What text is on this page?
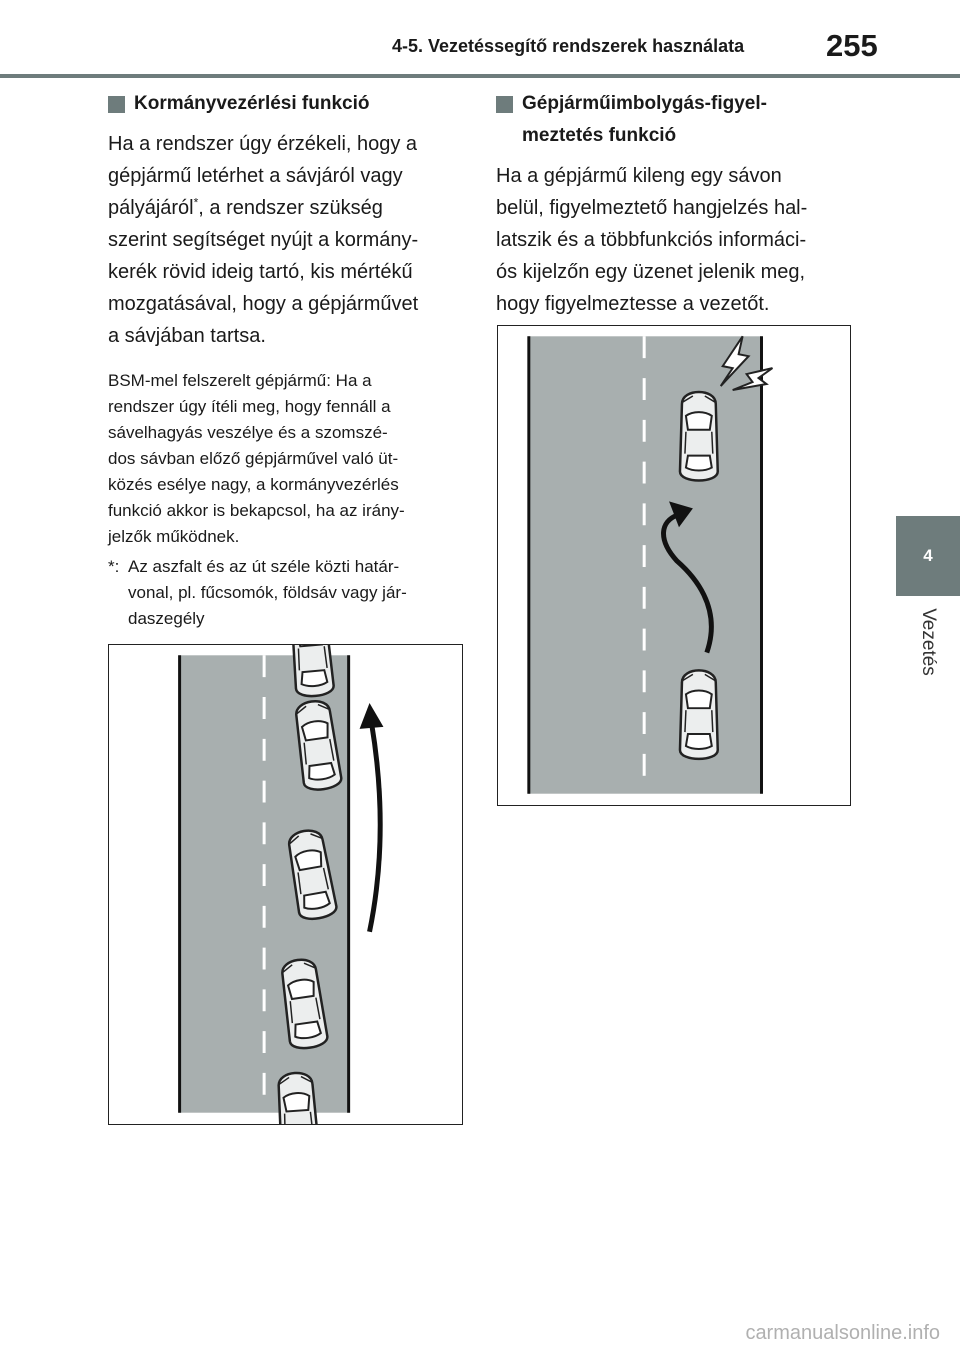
4-5. Vezetéssegítő rendszerek használata	255
4
Vezetés
Kormányvezérlési funkció

Ha a rendszer úgy érzékeli, hogy a
gépjármű letérhet a sávjáról vagy
pályájáról*, a rendszer szükség
szerint segítséget nyújt a kormány-
kerék rövid ideig tartó, kis mértékű
mozgatásával, hogy a gépjárművet
a sávjában tartsa.

BSM-mel felszerelt gépjármű: Ha a
rendszer úgy ítéli meg, hogy fennáll a
sávelhagyás veszélye és a szomszé-
dos sávban előző gépjárművel való üt-
közés esélye nagy, a kormányvezérlés
funkció akkor is bekapcsol, ha az irány-
jelzők működnek.

*: Az aszfalt és az út széle közti határ-
vonal, pl. fűcsomók, földsáv vagy jár-
daszegély

Gépjárműimbolygás-figyel-
meztetés funkció

Ha a gépjármű kileng egy sávon
belül, figyelmeztető hangjelzés hal-
latszik és a többfunkciós informáci-
ós kijelzőn egy üzenet jelenik meg,
hogy figyelmeztesse a vezetőt.

carmanualsonline.info
